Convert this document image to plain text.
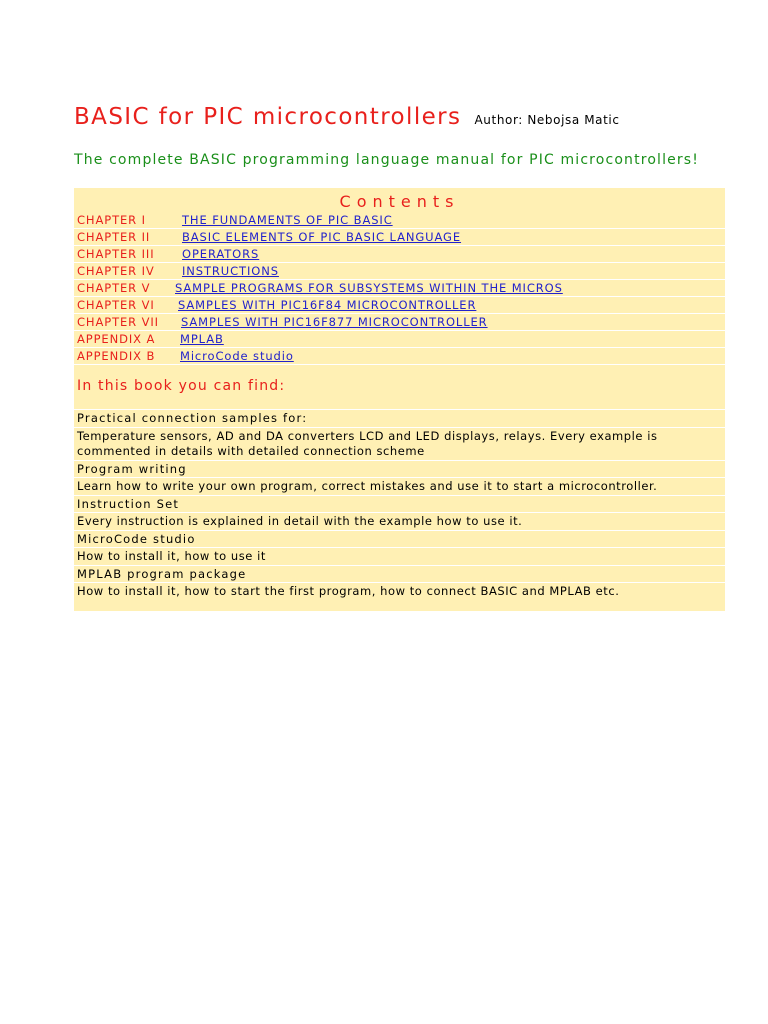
BASIC for PIC microcontrollers Author: Nebojsa Matic
The complete BASIC programming language manual for PIC microcontrollers!
Contents
CHAPTER I	THE FUNDAMENTS OF PIC BASIC
CHAPTER II	BASIC ELEMENTS OF PIC BASIC LANGUAGE
CHAPTER III OPERATORS
CHAPTER IV INSTRUCTIONS
CHAPTER V SAMPLE PROGRAMS FOR SUBSYSTEMS WITHIN THE MICROS
CHAPTER VI SAMPLES WITH PIC16F84 MICROCONTROLLER
CHAPTER VII SAMPLES WITH PIC16F877 MICROCONTROLLER
APPENDIX A MPLAB
APPENDIX B MicroCode studio
In this book you can find:
Practical connection samples for:
Temperature sensors, AD and DA converters LCD and LED displays, relays. Every example is commented in details with detailed connection scheme
Program writing
Learn how to write your own program, correct mistakes and use it to start a microcontroller.
Instruction Set
Every instruction is explained in detail with the example how to use it.
MicroCode studio
How to install it, how to use it
MPLAB program package
How to install it, how to start the first program, how to connect BASIC and MPLAB etc.
